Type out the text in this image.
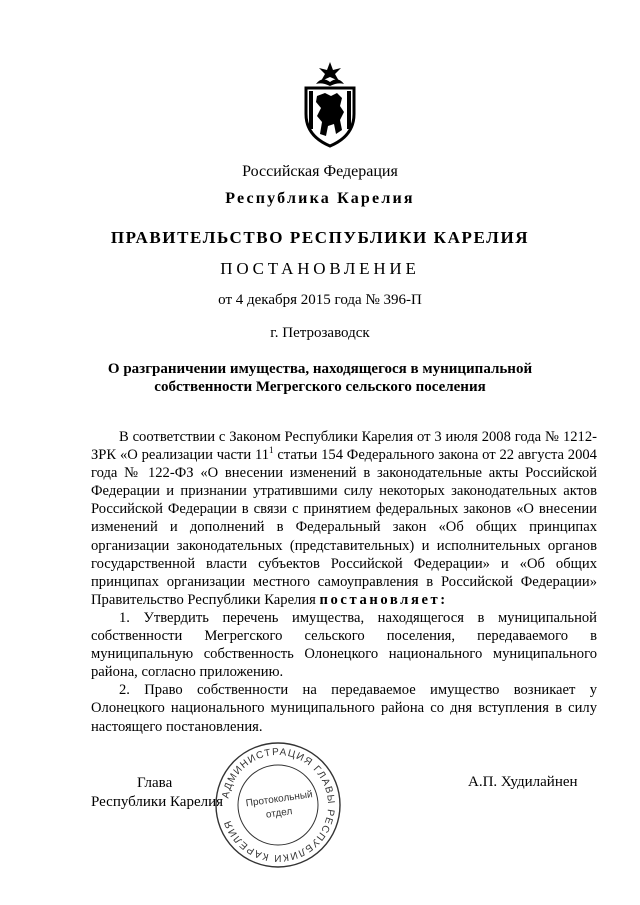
Российская Федерация
Республика Карелия
ПРАВИТЕЛЬСТВО РЕСПУБЛИКИ КАРЕЛИЯ
ПОСТАНОВЛЕНИЕ
от 4 декабря 2015 года № 396-П
г. Петрозаводск
О разграничении имущества, находящегося в муниципальной
собственности Мегрегского сельского поселения

В соответствии с Законом Республики Карелия от 3 июля 2008 года № 1212-ЗРК «О реализации части $11^1$ статьи 154 Федерального закона от 22 августа 2004 года № 122-ФЗ «О внесении изменений в законодательные акты Российской Федерации и признании утратившими силу некоторых законодательных актов Российской Федерации в связи с принятием федеральных законов «О внесении изменений и дополнений в Федеральный закон «Об общих принципах организации законодательных (представительных) и исполнительных органов государственной власти субъектов Российской Федерации» и «Об общих принципах организации местного самоуправления в Российской Федерации» Правительство Республики Карелия постановляет:

1. Утвердить перечень имущества, находящегося в муниципальной собственности Мегрегского сельского поселения, передаваемого в муниципальную собственность Олонецкого национального муниципального района, согласно приложению.

2. Право собственности на передаваемое имущество возникает у Олонецкого национального муниципального района со дня вступления в силу настоящего постановления.

Глава
Республики Карелия
А.П. Худилайнен
АДМИНИСТРАЦИЯ ГЛАВЫ РЕСПУБЛИКИ КАРЕЛИЯ
Протокольный
отдел
